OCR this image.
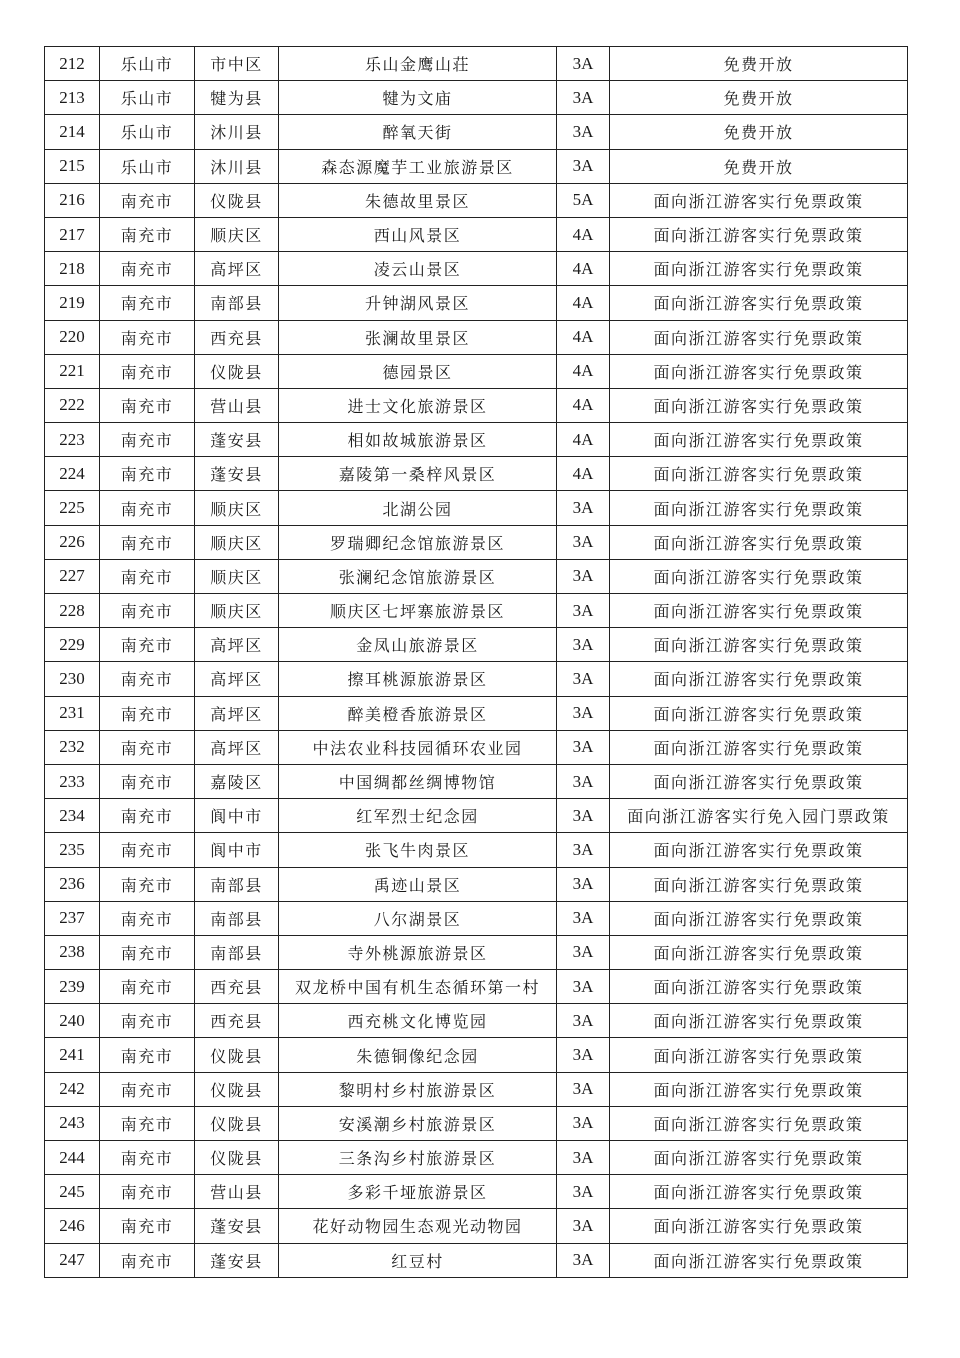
212	乐山市	市中区	乐山金鹰山荘	3A	免费开放
213	乐山市	犍为县	犍为文庙	3A	免费开放
214	乐山市	沐川县	醉氧天街	3A	免费开放
215	乐山市	沐川县	森态源魔芋工业旅游景区	3A	免费开放
216	南充市	仪陇县	朱德故里景区	5A	面向浙江游客实行免票政策
217	南充市	顺庆区	西山风景区	4A	面向浙江游客实行免票政策
218	南充市	高坪区	凌云山景区	4A	面向浙江游客实行免票政策
219	南充市	南部县	升钟湖风景区	4A	面向浙江游客实行免票政策
220	南充市	西充县	张澜故里景区	4A	面向浙江游客实行免票政策
221	南充市	仪陇县	德园景区	4A	面向浙江游客实行免票政策
222	南充市	营山县	进士文化旅游景区	4A	面向浙江游客实行免票政策
223	南充市	蓬安县	相如故城旅游景区	4A	面向浙江游客实行免票政策
224	南充市	蓬安县	嘉陵第一桑梓风景区	4A	面向浙江游客实行免票政策
225	南充市	顺庆区	北湖公园	3A	面向浙江游客实行免票政策
226	南充市	顺庆区	罗瑞卿纪念馆旅游景区	3A	面向浙江游客实行免票政策
227	南充市	顺庆区	张澜纪念馆旅游景区	3A	面向浙江游客实行免票政策
228	南充市	顺庆区	顺庆区七坪寨旅游景区	3A	面向浙江游客实行免票政策
229	南充市	高坪区	金凤山旅游景区	3A	面向浙江游客实行免票政策
230	南充市	高坪区	擦耳桃源旅游景区	3A	面向浙江游客实行免票政策
231	南充市	高坪区	醉美橙香旅游景区	3A	面向浙江游客实行免票政策
232	南充市	高坪区	中法农业科技园循环农业园	3A	面向浙江游客实行免票政策
233	南充市	嘉陵区	中国绸都丝绸博物馆	3A	面向浙江游客实行免票政策
234	南充市	阆中市	红军烈士纪念园	3A	面向浙江游客实行免入园门票政策
235	南充市	阆中市	张飞牛肉景区	3A	面向浙江游客实行免票政策
236	南充市	南部县	禹迹山景区	3A	面向浙江游客实行免票政策
237	南充市	南部县	八尔湖景区	3A	面向浙江游客实行免票政策
238	南充市	南部县	寺外桃源旅游景区	3A	面向浙江游客实行免票政策
239	南充市	西充县	双龙桥中国有机生态循环第一村	3A	面向浙江游客实行免票政策
240	南充市	西充县	西充桃文化博览园	3A	面向浙江游客实行免票政策
241	南充市	仪陇县	朱德铜像纪念园	3A	面向浙江游客实行免票政策
242	南充市	仪陇县	黎明村乡村旅游景区	3A	面向浙江游客实行免票政策
243	南充市	仪陇县	安溪潮乡村旅游景区	3A	面向浙江游客实行免票政策
244	南充市	仪陇县	三条沟乡村旅游景区	3A	面向浙江游客实行免票政策
245	南充市	营山县	多彩千垭旅游景区	3A	面向浙江游客实行免票政策
246	南充市	蓬安县	花好动物园生态观光动物园	3A	面向浙江游客实行免票政策
247	南充市	蓬安县	红豆村	3A	面向浙江游客实行免票政策
